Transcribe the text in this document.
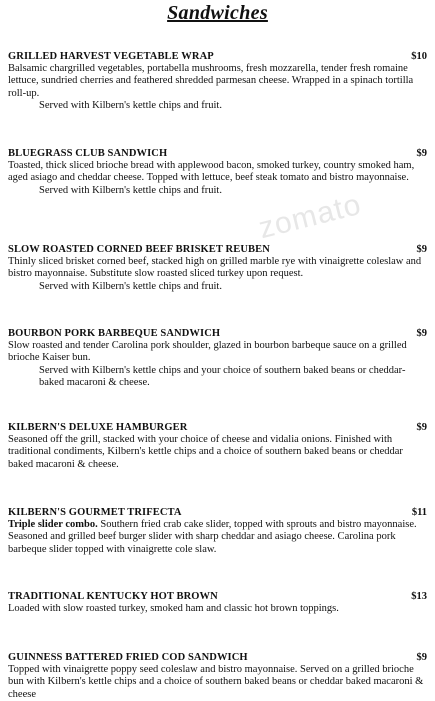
Sandwiches
zomato
GRILLED HARVEST VEGETABLE WRAP	$10
Balsamic chargrilled vegetables, portabella mushrooms, fresh mozzarella, tender fresh romaine lettuce, sundried cherries and feathered shredded parmesan cheese. Wrapped in a spinach tortilla roll-up.
Served with Kilbern's kettle chips and fruit.
BLUEGRASS CLUB SANDWICH	$9
Toasted, thick sliced brioche bread with applewood bacon, smoked turkey, country smoked ham, aged asiago and cheddar cheese. Topped with lettuce, beef steak tomato and bistro mayonnaise.
Served with Kilbern's kettle chips and fruit.
SLOW ROASTED CORNED BEEF BRISKET REUBEN	$9
Thinly sliced brisket corned beef, stacked high on grilled marble rye with vinaigrette coleslaw and bistro mayonnaise. Substitute slow roasted sliced turkey upon request.
Served with Kilbern's kettle chips and fruit.
BOURBON PORK BARBEQUE SANDWICH	$9
Slow roasted and tender Carolina pork shoulder, glazed in bourbon barbeque sauce on a grilled brioche Kaiser bun.
Served with Kilbern's kettle chips and your choice of southern baked beans or cheddar-baked macaroni & cheese.
KILBERN'S DELUXE HAMBURGER	$9
Seasoned off the grill, stacked with your choice of cheese and vidalia onions. Finished with traditional condiments, Kilbern's kettle chips and a choice of southern baked beans or cheddar baked macaroni & cheese.
KILBERN'S GOURMET TRIFECTA	$11
Triple slider combo. Southern fried crab cake slider, topped with sprouts and bistro mayonnaise. Seasoned and grilled beef burger slider with sharp cheddar and asiago cheese. Carolina pork barbeque slider topped with vinaigrette cole slaw.
TRADITIONAL KENTUCKY HOT BROWN	$13
Loaded with slow roasted turkey, smoked ham and classic hot brown toppings.
GUINNESS BATTERED FRIED COD SANDWICH	$9
Topped with vinaigrette poppy seed coleslaw and bistro mayonnaise. Served on a grilled brioche bun with Kilbern's kettle chips and a choice of southern baked beans or cheddar baked macaroni & cheese
